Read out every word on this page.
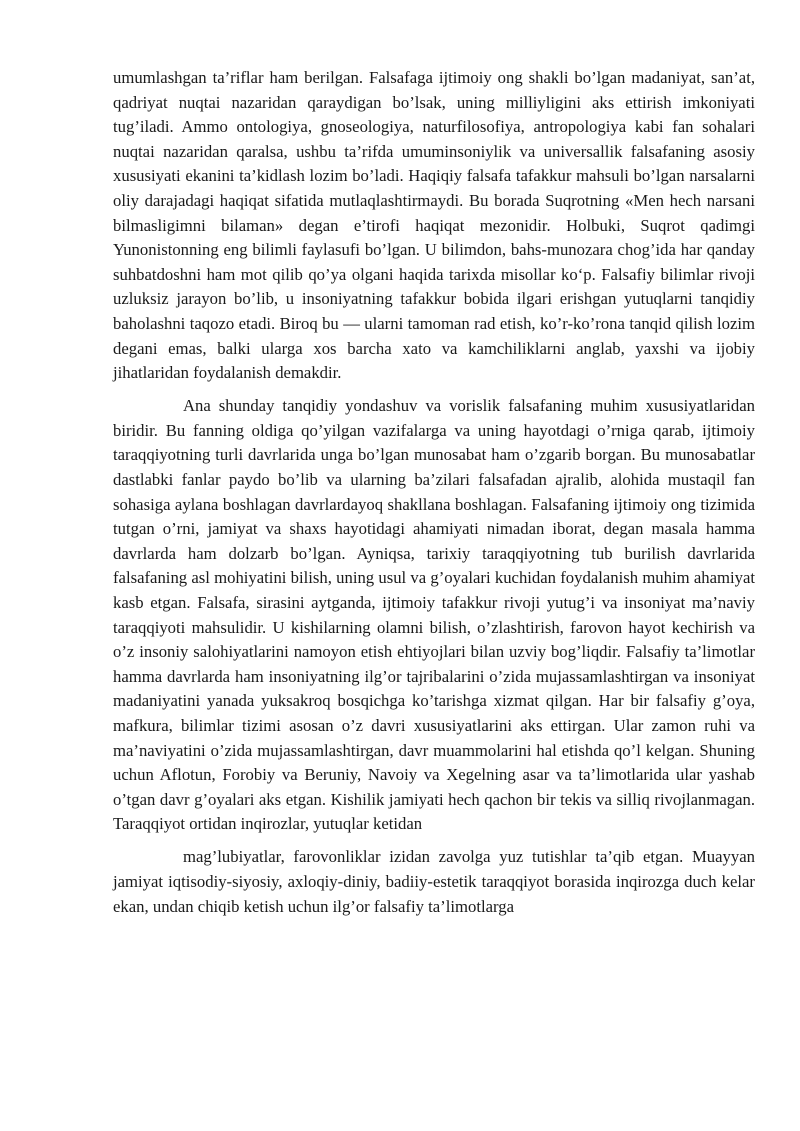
umumlashgan ta’riflar ham berilgan. Falsafaga ijtimoiy ong shakli bo’lgan madaniyat, san’at, qadriyat nuqtai nazaridan qaraydigan bo’lsak, uning milliyligini aks ettirish imkoniyati tug’iladi. Ammo ontologiya, gnoseologiya, naturfilosofiya, antropologiya kabi fan sohalari nuqtai nazaridan qaralsa, ushbu ta’rifda umuminsoniylik va universallik falsafaning asosiy xususiyati ekanini ta’kidlash lozim bo’ladi. Haqiqiy falsafa tafakkur mahsuli bo’lgan narsalarni oliy darajadagi haqiqat sifatida mutlaqlashtirmaydi. Bu borada Suqrotning «Men hech narsani bilmasligimni bilaman» degan e’tirofi haqiqat mezonidir. Holbuki, Suqrot qadimgi Yunonistonning eng bilimli faylasufi bo’lgan. U bilimdon, bahs-munozara chog’ida har qanday suhbatdoshni ham mot qilib qo’ya olgani haqida tarixda misollar ko‘p. Falsafiy bilimlar rivoji uzluksiz jarayon bo’lib, u insoniyatning tafakkur bobida ilgari erishgan yutuqlarni tanqidiy baholashni taqozo etadi. Biroq bu — ularni tamoman rad etish, ko’r-ko’rona tanqid qilish lozim degani emas, balki ularga xos barcha xato va kamchiliklarni anglab, yaxshi va ijobiy jihatlaridan foydalanish demakdir.

Ana shunday tanqidiy yondashuv va vorislik falsafaning muhim xususiyatlaridan biridir. Bu fanning oldiga qo’yilgan vazifalarga va uning hayotdagi o’rniga qarab, ijtimoiy taraqqiyotning turli davrlarida unga bo’lgan munosabat ham o’zgarib borgan. Bu munosabatlar dastlabki fanlar paydo bo’lib va ularning ba’zilari falsafadan ajralib, alohida mustaqil fan sohasiga aylana boshlagan davrlardayoq shakllana boshlagan. Falsafaning ijtimoiy ong tizimida tutgan o’rni, jamiyat va shaxs hayotidagi ahamiyati nimadan iborat, degan masala hamma davrlarda ham dolzarb bo’lgan. Ayniqsa, tarixiy taraqqiyotning tub burilish davrlarida falsafaning asl mohiyatini bilish, uning usul va g’oyalari kuchidan foydalanish muhim ahamiyat kasb etgan. Falsafa, sirasini aytganda, ijtimoiy tafakkur rivoji yutug’i va insoniyat ma’naviy taraqqiyoti mahsulidir. U kishilarning olamni bilish, o’zlashtirish, farovon hayot kechirish va o’z insoniy salohiyatlarini namoyon etish ehtiyojlari bilan uzviy bog’liqdir. Falsafiy ta’limotlar hamma davrlarda ham insoniyatning ilg’or tajribalarini o’zida mujassamlashtirgan va insoniyat madaniyatini yanada yuksakroq bosqichga ko’tarishga xizmat qilgan. Har bir falsafiy g’oya, mafkura, bilimlar tizimi asosan o’z davri xususiyatlarini aks ettirgan. Ular zamon ruhi va ma’naviyatini o’zida mujassamlashtirgan, davr muammolarini hal etishda qo’l kelgan. Shuning uchun Aflotun, Forobiy va Beruniy, Navoiy va Xegelning asar va ta’limotlarida ular yashab o’tgan davr g’oyalari aks etgan. Kishilik jamiyati hech qachon bir tekis va silliq rivojlanmagan. Taraqqiyot ortidan inqirozlar, yutuqlar ketidan

mag’lubiyatlar, farovonliklar izidan zavolga yuz tutishlar ta’qib etgan. Muayyan jamiyat iqtisodiy-siyosiy, axloqiy-diniy, badiiy-estetik taraqqiyot borasida inqirozga duch kelar ekan, undan chiqib ketish uchun ilg’or falsafiy ta’limotlarga
